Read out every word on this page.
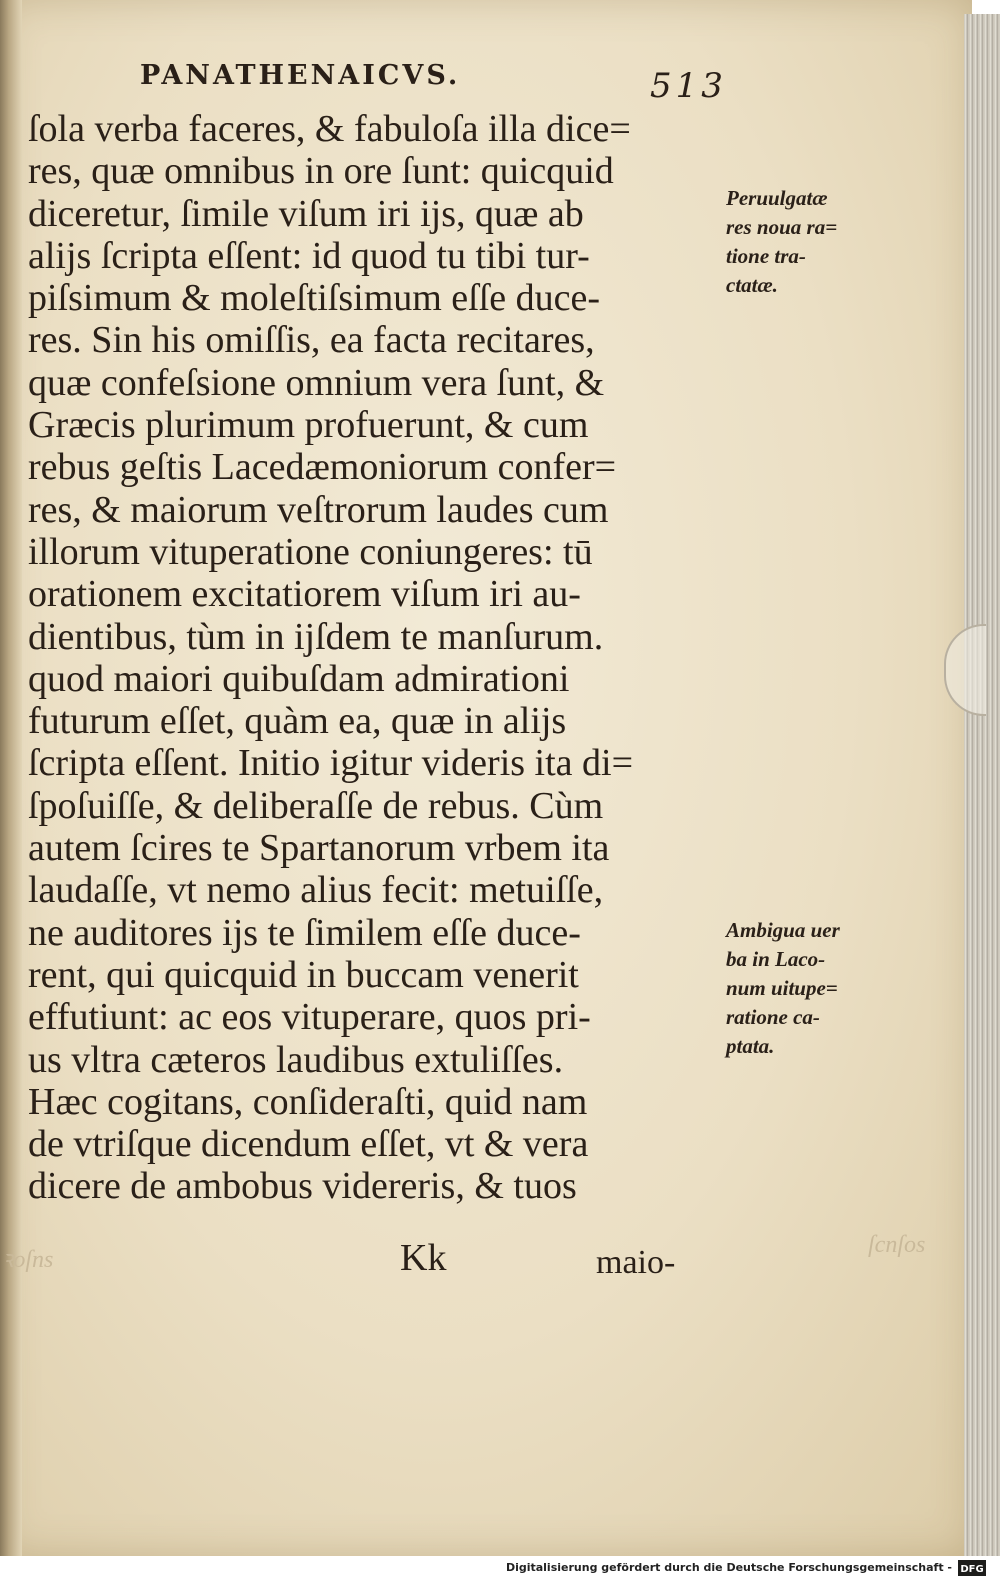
PANATHENAICVS.	513
ſola verba faceres, & fabuloſa illa dice=
res, quæ omnibus in ore ſunt: quicquid
diceretur, ſimile viſum iri ijs, quæ ab
alijs ſcripta eſſent: id quod tu tibi tur-
piſsimum & moleſtiſsimum eſſe duce-
res. Sin his omiſſis, ea facta recitares,
quæ confeſsione omnium vera ſunt, &
Græcis plurimum profuerunt, & cum
rebus geſtis Lacedæmoniorum confer=
res, & maiorum veſtrorum laudes cum
illorum vituperatione coniungeres: tū
orationem excitatiorem viſum iri au-
dientibus, tùm in ijſdem te manſurum.
quod maiori quibuſdam admirationi
futurum eſſet, quàm ea, quæ in alijs
ſcripta eſſent. Initio igitur videris ita di=
ſpoſuiſſe, & deliberaſſe de rebus. Cùm
autem ſcires te Spartanorum vrbem ita
laudaſſe, vt nemo alius fecit: metuiſſe,
ne auditores ijs te ſimilem eſſe duce-
rent, qui quicquid in buccam venerit
effutiunt: ac eos vituperare, quos pri-
us vltra cæteros laudibus extuliſſes.
Hæc cogitans, conſideraſti, quid nam
de vtriſque dicendum eſſet, vt & vera
dicere de ambobus videreris, & tuos
Peruulgatæ
res noua ra=
tione tra-
ctatæ.
Ambigua uer
ba in Laco-
num uitupe=
ratione ca-
ptata.
Kk	maio-
ꝛoſns
ſcnſos
Digitalisierung gefördert durch die Deutsche Forschungsgemeinschaft - DFG
